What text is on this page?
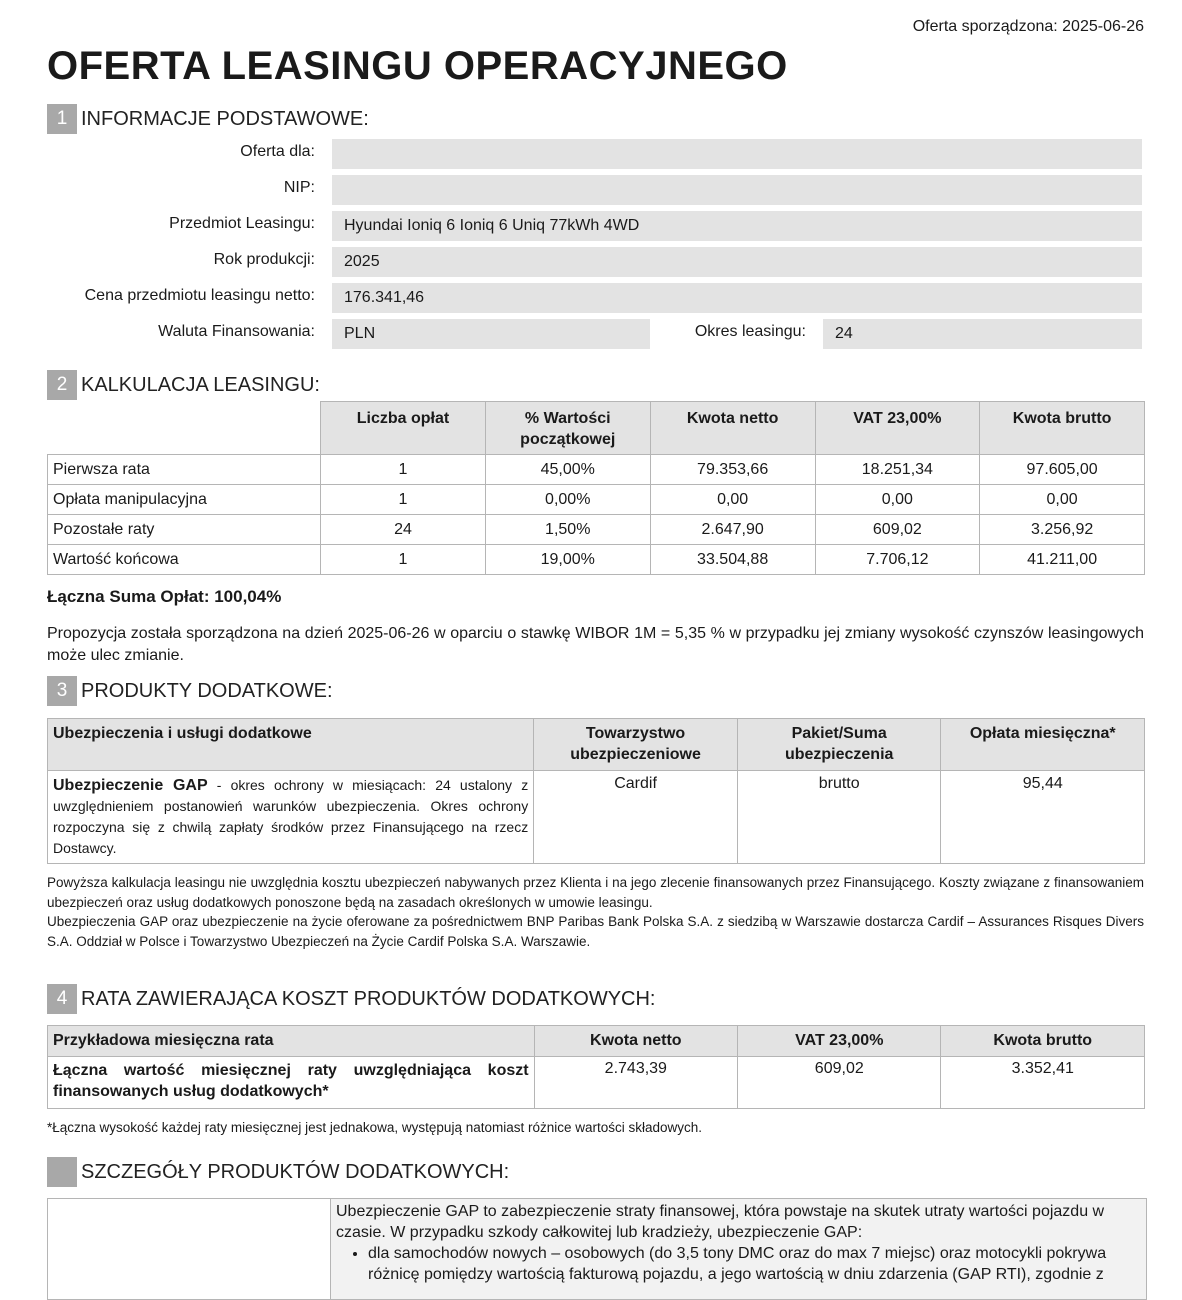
Oferta sporządzona: 2025-06-26
OFERTA LEASINGU OPERACYJNEGO
1 INFORMACJE PODSTAWOWE:
Oferta dla:
NIP:
Przedmiot Leasingu:	Hyundai Ioniq 6 Ioniq 6 Uniq 77kWh 4WD
Rok produkcji:	2025
Cena przedmiotu leasingu netto:	176.341,46
Waluta Finansowania:	PLN	Okres leasingu:	24
2 KALKULACJA LEASINGU:
	Liczba opłat	% Wartości początkowej	Kwota netto	VAT 23,00%	Kwota brutto
Pierwsza rata	1	45,00%	79.353,66	18.251,34	97.605,00
Opłata manipulacyjna	1	0,00%	0,00	0,00	0,00
Pozostałe raty	24	1,50%	2.647,90	609,02	3.256,92
Wartość końcowa	1	19,00%	33.504,88	7.706,12	41.211,00
Łączna Suma Opłat: 100,04%
Propozycja została sporządzona na dzień 2025-06-26 w oparciu o stawkę WIBOR 1M = 5,35 % w przypadku jej zmiany wysokość czynszów leasingowych może ulec zmianie.
3 PRODUKTY DODATKOWE:
Ubezpieczenia i usługi dodatkowe	Towarzystwo ubezpieczeniowe	Pakiet/Suma ubezpieczenia	Opłata miesięczna*
Ubezpieczenie GAP - okres ochrony w miesiącach: 24 ustalony z uwzględnieniem postanowień warunków ubezpieczenia. Okres ochrony rozpoczyna się z chwilą zapłaty środków przez Finansującego na rzecz Dostawcy.	Cardif	brutto	95,44
Powyższa kalkulacja leasingu nie uwzględnia kosztu ubezpieczeń nabywanych przez Klienta i na jego zlecenie finansowanych przez Finansującego. Koszty związane z finansowaniem ubezpieczeń oraz usług dodatkowych ponoszone będą na zasadach określonych w umowie leasingu.
Ubezpieczenia GAP oraz ubezpieczenie na życie oferowane za pośrednictwem BNP Paribas Bank Polska S.A. z siedzibą w Warszawie dostarcza Cardif – Assurances Risques Divers S.A. Oddział w Polsce i Towarzystwo Ubezpieczeń na Życie Cardif Polska S.A. Warszawie.
4 RATA ZAWIERAJĄCA KOSZT PRODUKTÓW DODATKOWYCH:
Przykładowa miesięczna rata	Kwota netto	VAT 23,00%	Kwota brutto
Łączna wartość miesięcznej raty uwzględniająca koszt finansowanych usług dodatkowych*	2.743,39	609,02	3.352,41
*Łączna wysokość każdej raty miesięcznej jest jednakowa, występują natomiast różnice wartości składowych.
SZCZEGÓŁY PRODUKTÓW DODATKOWYCH:
Ubezpieczenie GAP to zabezpieczenie straty finansowej, która powstaje na skutek utraty wartości pojazdu w czasie. W przypadku szkody całkowitej lub kradzieży, ubezpieczenie GAP:
• dla samochodów nowych – osobowych (do 3,5 tony DMC oraz do max 7 miejsc) oraz motocykli pokrywa różnicę pomiędzy wartością fakturową pojazdu, a jego wartością w dniu zdarzenia (GAP RTI), zgodnie z
